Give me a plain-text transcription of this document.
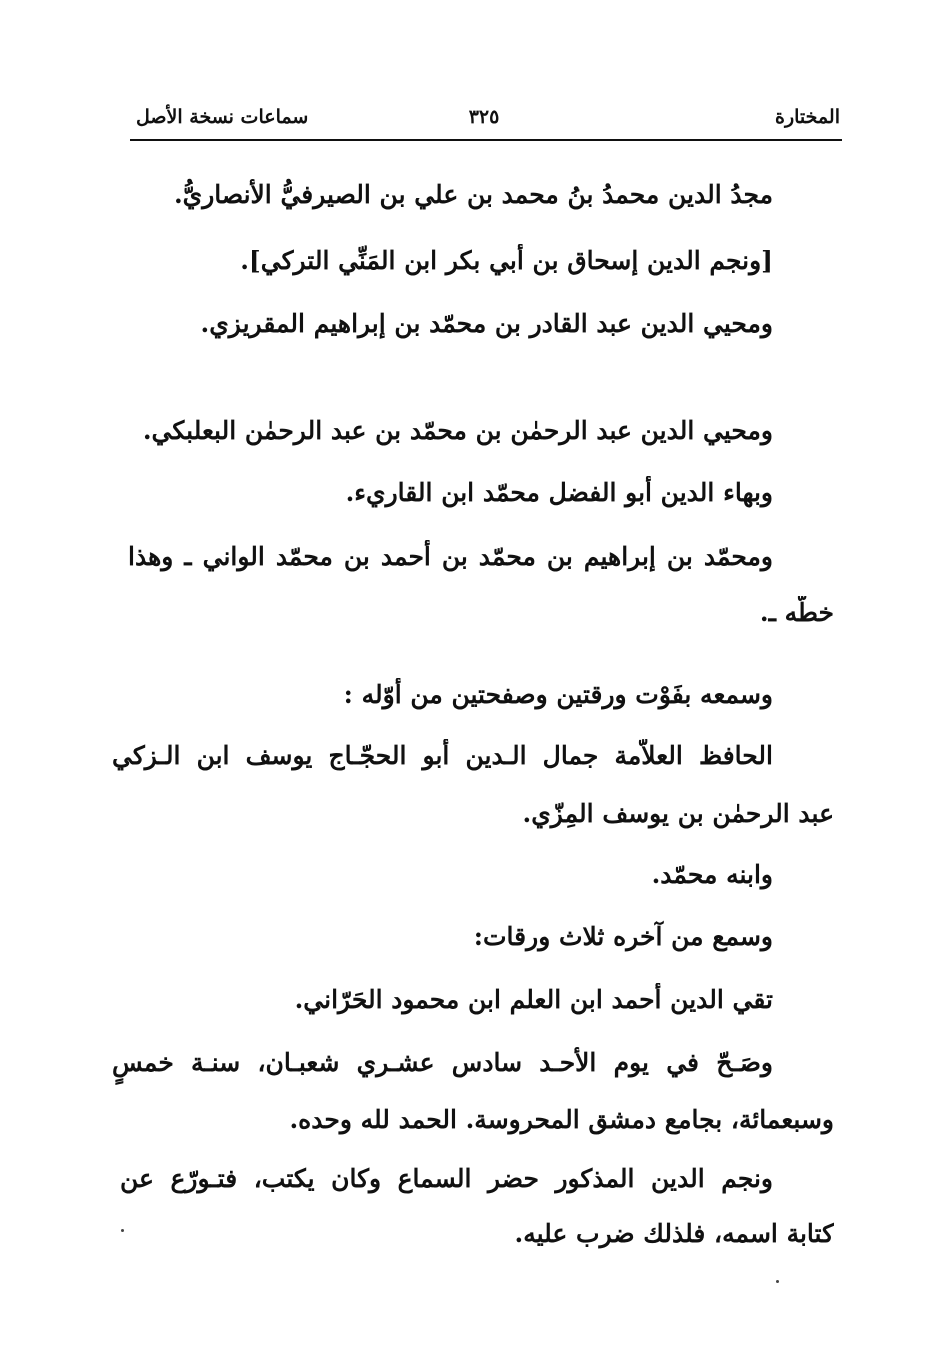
المختارة
٣٢٥
سماعات نسخة الأصل
مجدُ الدين محمدُ بنُ محمد بن علي بن الصيرفيُّ الأنصاريُّ.
[ونجم الدين إسحاق بن أبي بكر ابن المَنِّي التركي].
ومحيي الدين عبد القادر بن محمّد بن إبراهيم المقريزي.
ومحيي الدين عبد الرحمٰن بن محمّد بن عبد الرحمٰن البعلبكي.
وبهاء الدين أبو الفضل محمّد ابن القاريء.
ومحمّد بن إبراهيم بن محمّد بن أحمد بن محمّد الواني ـ وهذا
خطُّه ـ.
وسمعه بفَوْت ورقتين وصفحتين من أوّله :
الحافظ العلاّمة جمال الـدين أبو الحجّـاج يوسف ابن الـزكي
عبد الرحمٰن بن يوسف المِزّي.
وابنه محمّد.
وسمع من آخره ثلاث ورقات:
تقي الدين أحمد ابن العلم ابن محمود الحَرّاني.
وصَـحّ في يوم الأحـد سادس عشـري شعبـان، سنـة خمسٍ
وسبعمائة، بجامع دمشق المحروسة. الحمد لله وحده.
ونجم الدين المذكور حضر السماع وكان يكتب، فتـورّع عن
كتابة اسمه، فلذلك ضرب عليه.
